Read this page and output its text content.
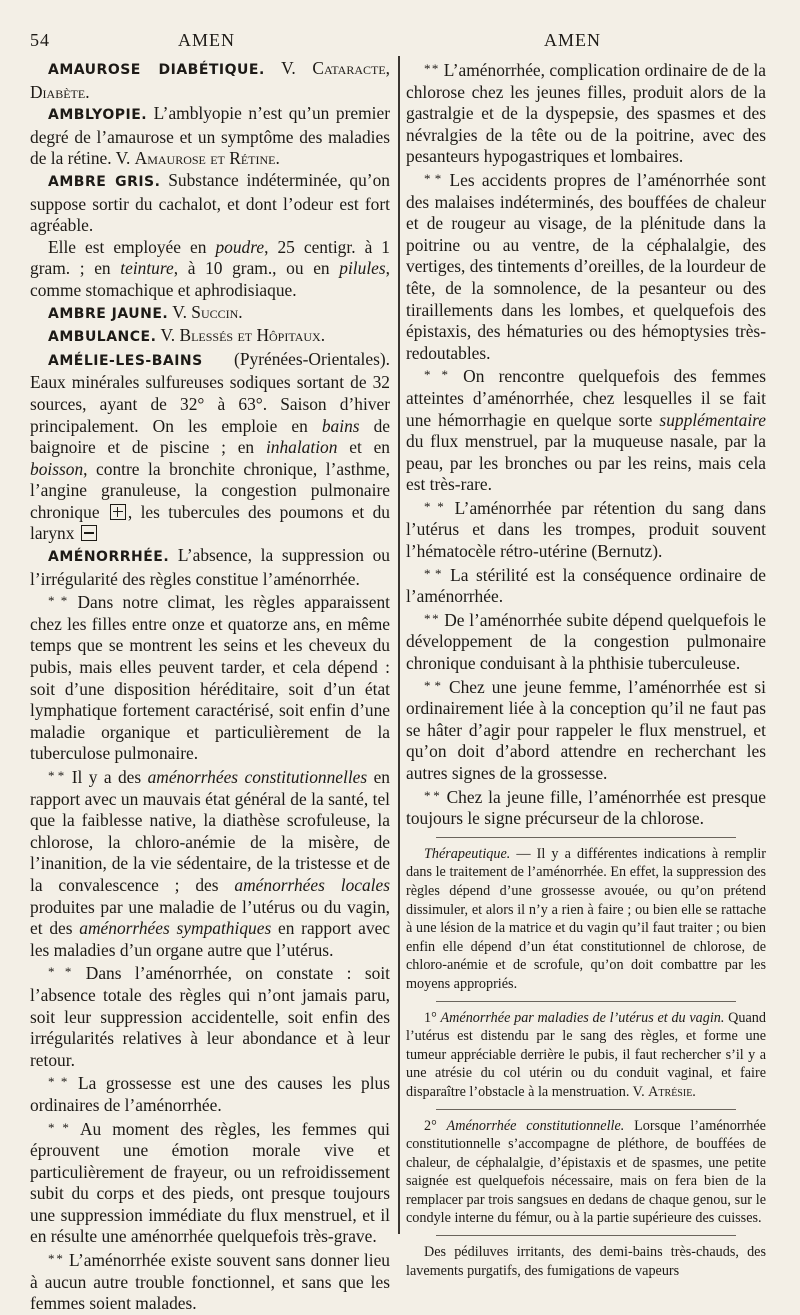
54	AMEN	AMEN

AMAUROSE DIABÉTIQUE. V. Cataracte, Diabète.

AMBLYOPIE. L’amblyopie n’est qu’un premier degré de l’amaurose et un symptôme des maladies de la rétine. V. Amaurose et Rétine.

AMBRE GRIS. Substance indéterminée, qu’on suppose sortir du cachalot, et dont l’odeur est fort agréable.

Elle est employée en poudre, 25 centigr. à 1 gram. ; en teinture, à 10 gram., ou en pilules, comme stomachique et aphrodisiaque.

AMBRE JAUNE. V. Succin.

AMBULANCE. V. Blessés et Hôpitaux.

AMÉLIE-LES-BAINS (Pyrénées-Orientales). Eaux minérales sulfureuses sodiques sortant de 32 sources, ayant de 32° à 63°. Saison d’hiver principalement. On les emploie en bains de baignoire et de piscine ; en inhalation et en boisson, contre la bronchite chronique, l’asthme, l’angine granuleuse, la congestion pulmonaire chronique , les tubercules des poumons et du larynx

AMÉNORRHÉE. L’absence, la suppression ou l’irrégularité des règles constitue l’aménorrhée.

* * Dans notre climat, les règles apparaissent chez les filles entre onze et quatorze ans, en même temps que se montrent les seins et les cheveux du pubis, mais elles peuvent tarder, et cela dépend : soit d’une disposition héréditaire, soit d’un état lymphatique fortement caractérisé, soit enfin d’une maladie organique et particulièrement de la tuberculose pulmonaire.

* * Il y a des aménorrhées constitutionnelles en rapport avec un mauvais état général de la santé, tel que la faiblesse native, la diathèse scrofuleuse, la chlorose, la chloro-anémie de la misère, de l’inanition, de la vie sédentaire, de la tristesse et de la convalescence ; des aménorrhées locales produites par une maladie de l’utérus ou du vagin, et des aménorrhées sympathiques en rapport avec les maladies d’un organe autre que l’utérus.

* * Dans l’aménorrhée, on constate : soit l’absence totale des règles qui n’ont jamais paru, soit leur suppression accidentelle, soit enfin des irrégularités relatives à leur abondance et à leur retour.

* * La grossesse est une des causes les plus ordinaires de l’aménorrhée.

* * Au moment des règles, les femmes qui éprouvent une émotion morale vive et particulièrement de frayeur, ou un refroidissement subit du corps et des pieds, ont presque toujours une suppression immédiate du flux menstruel, et il en résulte une aménorrhée quelquefois très-grave.

* * L’aménorrhée existe souvent sans donner lieu à aucun autre trouble fonctionnel, et sans que les femmes soient malades.

* * L’aménorrhée, complication ordinaire de de la chlorose chez les jeunes filles, produit alors de la gastralgie et de la dyspepsie, des spasmes et des névralgies de la tête ou de la poitrine, avec des pesanteurs hypogastriques et lombaires.

* * Les accidents propres de l’aménorrhée sont des malaises indéterminés, des bouffées de chaleur et de rougeur au visage, de la plénitude dans la poitrine ou au ventre, de la céphalalgie, des vertiges, des tintements d’oreilles, de la lourdeur de tête, de la somnolence, de la pesanteur ou des tiraillements dans les lombes, et quelquefois des épistaxis, des hématuries ou des hémoptysies très-redoutables.

* * On rencontre quelquefois des femmes atteintes d’aménorrhée, chez lesquelles il se fait une hémorrhagie en quelque sorte supplémentaire du flux menstruel, par la muqueuse nasale, par la peau, par les bronches ou par les reins, mais cela est très-rare.

* * L’aménorrhée par rétention du sang dans l’utérus et dans les trompes, produit souvent l’hématocèle rétro-utérine (Bernutz).

* * La stérilité est la conséquence ordinaire de l’aménorrhée.

* * De l’aménorrhée subite dépend quelquefois le développement de la congestion pulmonaire chronique conduisant à la phthisie tuberculeuse.

* * Chez une jeune femme, l’aménorrhée est si ordinairement liée à la conception qu’il ne faut pas se hâter d’agir pour rappeler le flux menstruel, et qu’on doit d’abord attendre en recherchant les autres signes de la grossesse.

* * Chez la jeune fille, l’aménorrhée est presque toujours le signe précurseur de la chlorose.

Thérapeutique. — Il y a différentes indications à remplir dans le traitement de l’aménorrhée. En effet, la suppression des règles dépend d’une grossesse avouée, ou qu’on prétend dissimuler, et alors il n’y a rien à faire ; ou bien elle se rattache à une lésion de la matrice et du vagin qu’il faut traiter ; ou bien enfin elle dépend d’un état constitutionnel de chlorose, de chloro-anémie et de scrofule, qu’on doit combattre par les moyens appropriés.

1° Aménorrhée par maladies de l’utérus et du vagin. Quand l’utérus est distendu par le sang des règles, et forme une tumeur appréciable derrière le pubis, il faut rechercher s’il y a une atrésie du col utérin ou du conduit vaginal, et faire disparaître l’obstacle à la menstruation. V. Atrésie.

2° Aménorrhée constitutionnelle. Lorsque l’aménorrhée constitutionnelle s’accompagne de pléthore, de bouffées de chaleur, de céphalalgie, d’épistaxis et de spasmes, une petite saignée est quelquefois nécessaire, mais on fera bien de la remplacer par trois sangsues en dedans de chaque genou, sur le condyle interne du fémur, ou à la partie supérieure des cuisses.

Des pédiluves irritants, des demi-bains très-chauds, des lavements purgatifs, des fumigations de vapeurs
